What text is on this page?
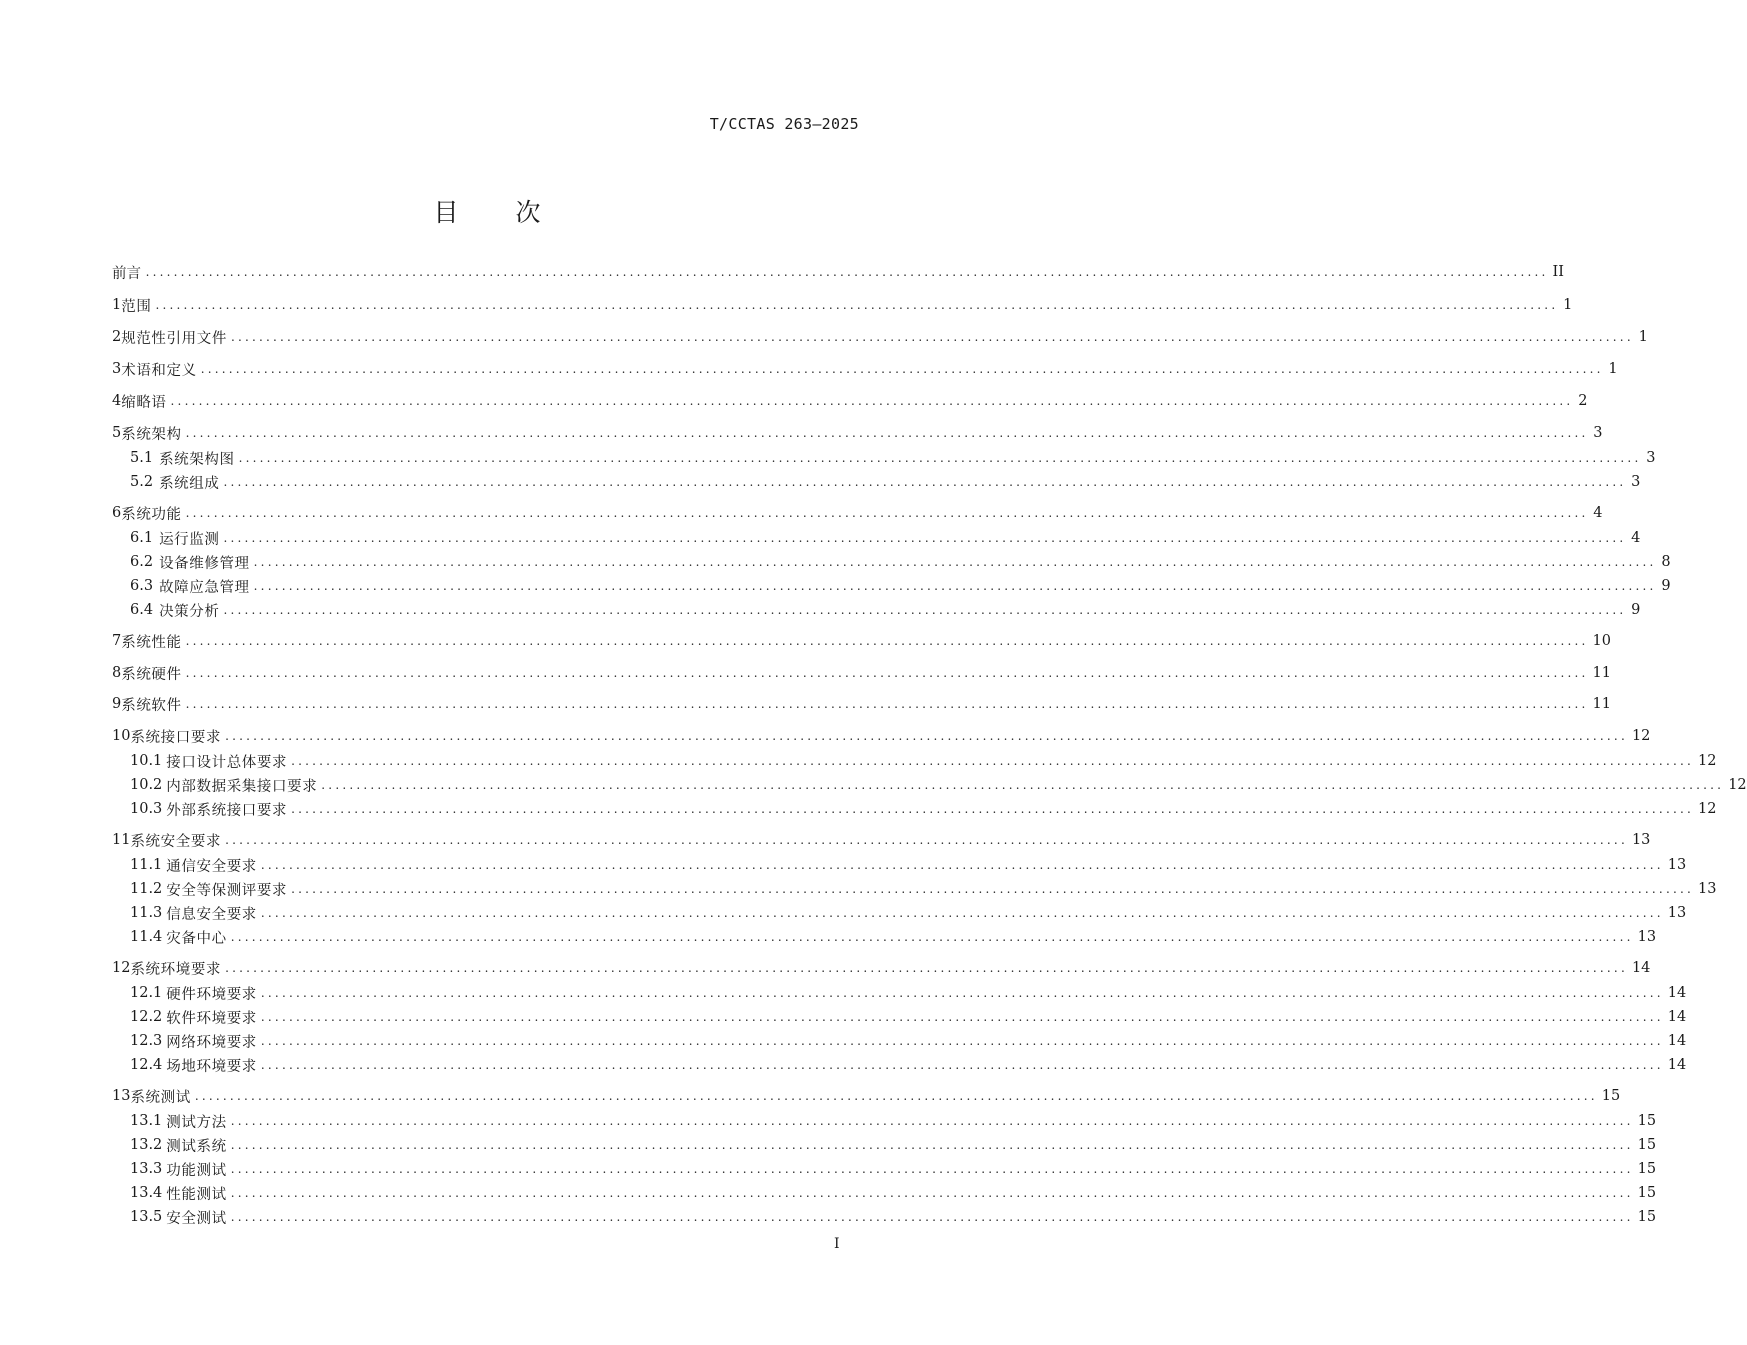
T/CCTAS 263—2025
目 次
前 言 ........................................................................................................................................................................................................ II
1 范围 ........................................................................................................................................................................................................ 1
2 规范性引用文件 ........................................................................................................................................................................................................ 1
3 术语和定义 ........................................................................................................................................................................................................ 1
4 缩略语 ........................................................................................................................................................................................................ 2
5 系统架构 ........................................................................................................................................................................................................ 3
5.1 系统架构图 ........................................................................................................................................................................................................ 3
5.2 系统组成 ........................................................................................................................................................................................................ 3
6 系统功能 ........................................................................................................................................................................................................ 4
6.1 运行监测 ........................................................................................................................................................................................................ 4
6.2 设备维修管理 ........................................................................................................................................................................................................ 8
6.3 故障应急管理 ........................................................................................................................................................................................................ 9
6.4 决策分析 ........................................................................................................................................................................................................ 9
7 系统性能 ........................................................................................................................................................................................................ 10
8 系统硬件 ........................................................................................................................................................................................................ 11
9 系统软件 ........................................................................................................................................................................................................ 11
10 系统接口要求 ........................................................................................................................................................................................................ 12
10.1 接口设计总体要求 ........................................................................................................................................................................................................ 12
10.2 内部数据采集接口要求 ........................................................................................................................................................................................................ 12
10.3 外部系统接口要求 ........................................................................................................................................................................................................ 12
11 系统安全要求 ........................................................................................................................................................................................................ 13
11.1 通信安全要求 ........................................................................................................................................................................................................ 13
11.2 安全等保测评要求 ........................................................................................................................................................................................................ 13
11.3 信息安全要求 ........................................................................................................................................................................................................ 13
11.4 灾备中心 ........................................................................................................................................................................................................ 13
12 系统环境要求 ........................................................................................................................................................................................................ 14
12.1 硬件环境要求 ........................................................................................................................................................................................................ 14
12.2 软件环境要求 ........................................................................................................................................................................................................ 14
12.3 网络环境要求 ........................................................................................................................................................................................................ 14
12.4 场地环境要求 ........................................................................................................................................................................................................ 14
13 系统测试 ........................................................................................................................................................................................................ 15
13.1 测试方法 ........................................................................................................................................................................................................ 15
13.2 测试系统 ........................................................................................................................................................................................................ 15
13.3 功能测试 ........................................................................................................................................................................................................ 15
13.4 性能测试 ........................................................................................................................................................................................................ 15
13.5 安全测试 ........................................................................................................................................................................................................ 15
I
